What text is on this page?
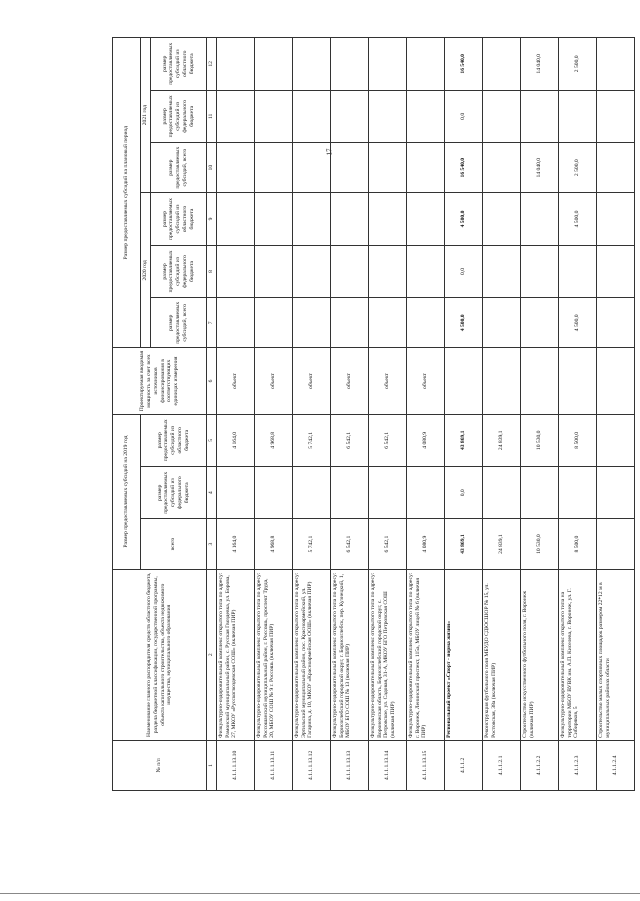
17
№ п/п	Наименование главного распорядителя средств областного бюджета, раздела бюджетной классификации, государственной программы, объекта капитального строительства, объекта недвижимого имущества, муниципального образования	Размер предоставляемых субсидий на 2019 год			Проектируемая вводимая мощность за счет всех источников финансирования в соответствующих единицах измерения	Размер предоставляемых субсидий на плановый период					
		всего	размер предоставляемых субсидий из федерального бюджета	размер предоставляемых субсидий из областного бюджета		2020 год			2021 год		
						размер предоставляемых субсидий, всего	размер предоставляемых субсидий из федерального бюджета	размер предоставляемых субсидий из областного бюджета	размер предоставляемых субсидий, всего	размер предоставляемых субсидий из федерального бюджета	размер предоставляемых субсидий из областного бюджета
1	2	3	4	5	6	7	8	9	10	11	12
4.1.1.1.13.10	Физкультурно-оздоровительный комплекс открытого типа по адресу: Рамонский муниципальный район, с. Русская Гвоздевка, ул. Борова, 27, МКОУ «Русскогвоздевская СОШ» (включая ПИР)	4 164,0		4 164,0	объект						
4.1.1.1.13.11	Физкультурно-оздоровительный комплекс открытого типа по адресу: Россошанский муниципальный район, г. Россошь, проспект Труда, 20, МБОУ СОШ № 9 г. Россошь (включая ПИР)	4 968,8		4 968,8	объект						
4.1.1.1.13.12	Физкультурно-оздоровительный комплекс открытого типа по адресу: Эртильский муниципальный район, пос. Красноармейский, ул. Гагарина, д. 10, МКОУ «Красноармейская ООШ» (включая ПИР)	5 742,1		5 742,1	объект						
4.1.1.1.13.13	Физкультурно-оздоровительный комплекс открытого типа по адресу: Борисоглебский городской округ, г. Борисоглебск, пер. Кузнецкий, 1, МБОУ БГО СОШ № 13 (включая ПИР)	6 542,1		6 542,1	объект						
4.1.1.1.13.14	Физкультурно-оздоровительный комплекс открытого типа по адресу: Воронежская область, Борисоглебский городской округ, с. Петровское, ул. Садовая, 31-А, МКОУ БГО Петровская СОШ (включая ПИР)	6 542,1		6 542,1	объект						
4.1.1.1.13.15	Физкультурно-оздоровительный комплекс открытого типа по адресу: г. Воронеж, Ленинский проспект, 115а, МБОУ лицей № 6 (включая ПИР)	4 080,9		4 080,9	объект						
4.1.1.2	Региональный проект «Спорт - норма жизни»	43 869,1	0,0	43 869,1		4 500,0	0,0	4 500,0	16 540,0	0,0	16 540,0
4.1.1.2.1	Реконструкция футбольного поля МБУДО СДЮСШОР № 15, ул. Ростовская, 38а (включая ПИР)	24 839,1		24 839,1							
4.1.1.2.2	Строительство искусственного футбольного поля, г. Воронеж (включая ПИР)	10 530,0		10 530,0					14 040,0		14 040,0
4.1.1.2.3	Физкультурно-оздоровительный комплекс открытого типа на территории МБОУ ВУВК им. А.П. Киселева, г. Воронеж, ул. Г. Сибиряков, 5	8 500,0		8 500,0		4 500,0		4 500,0	2 500,0		2 500,0
4.1.1.2.4	Строительство малых спортивных площадок размером 22*12 м в муниципальных районах области										
